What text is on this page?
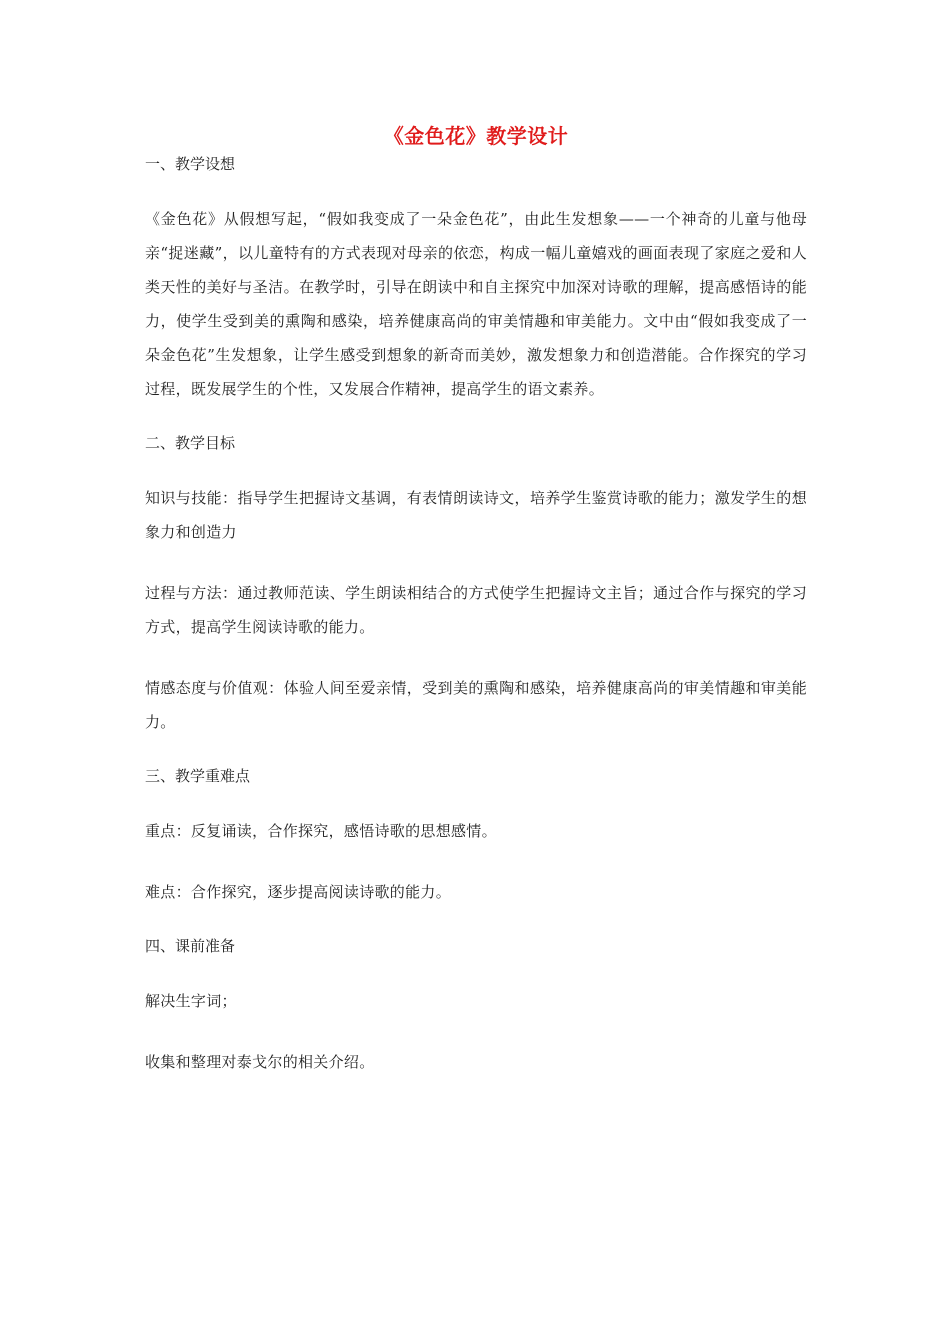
《金色花》教学设计

一、教学设想

《金色花》从假想写起，“假如我变成了一朵金色花”，由此生发想象——一个神奇的儿童与他母亲“捉迷藏”，以儿童特有的方式表现对母亲的依恋，构成一幅儿童嬉戏的画面表现了家庭之爱和人类天性的美好与圣洁。在教学时，引导在朗读中和自主探究中加深对诗歌的理解，提高感悟诗的能力，使学生受到美的熏陶和感染，培养健康高尚的审美情趣和审美能力。文中由“假如我变成了一朵金色花”生发想象，让学生感受到想象的新奇而美妙，激发想象力和创造潜能。合作探究的学习过程，既发展学生的个性，又发展合作精神，提高学生的语文素养。

二、教学目标

知识与技能：指导学生把握诗文基调，有表情朗读诗文，培养学生鉴赏诗歌的能力；激发学生的想象力和创造力

过程与方法：通过教师范读、学生朗读相结合的方式使学生把握诗文主旨；通过合作与探究的学习方式，提高学生阅读诗歌的能力。

情感态度与价值观：体验人间至爱亲情，受到美的熏陶和感染，培养健康高尚的审美情趣和审美能力。

三、教学重难点

重点：反复诵读，合作探究，感悟诗歌的思想感情。

难点：合作探究，逐步提高阅读诗歌的能力。

四、课前准备

解决生字词；

收集和整理对泰戈尔的相关介绍。
